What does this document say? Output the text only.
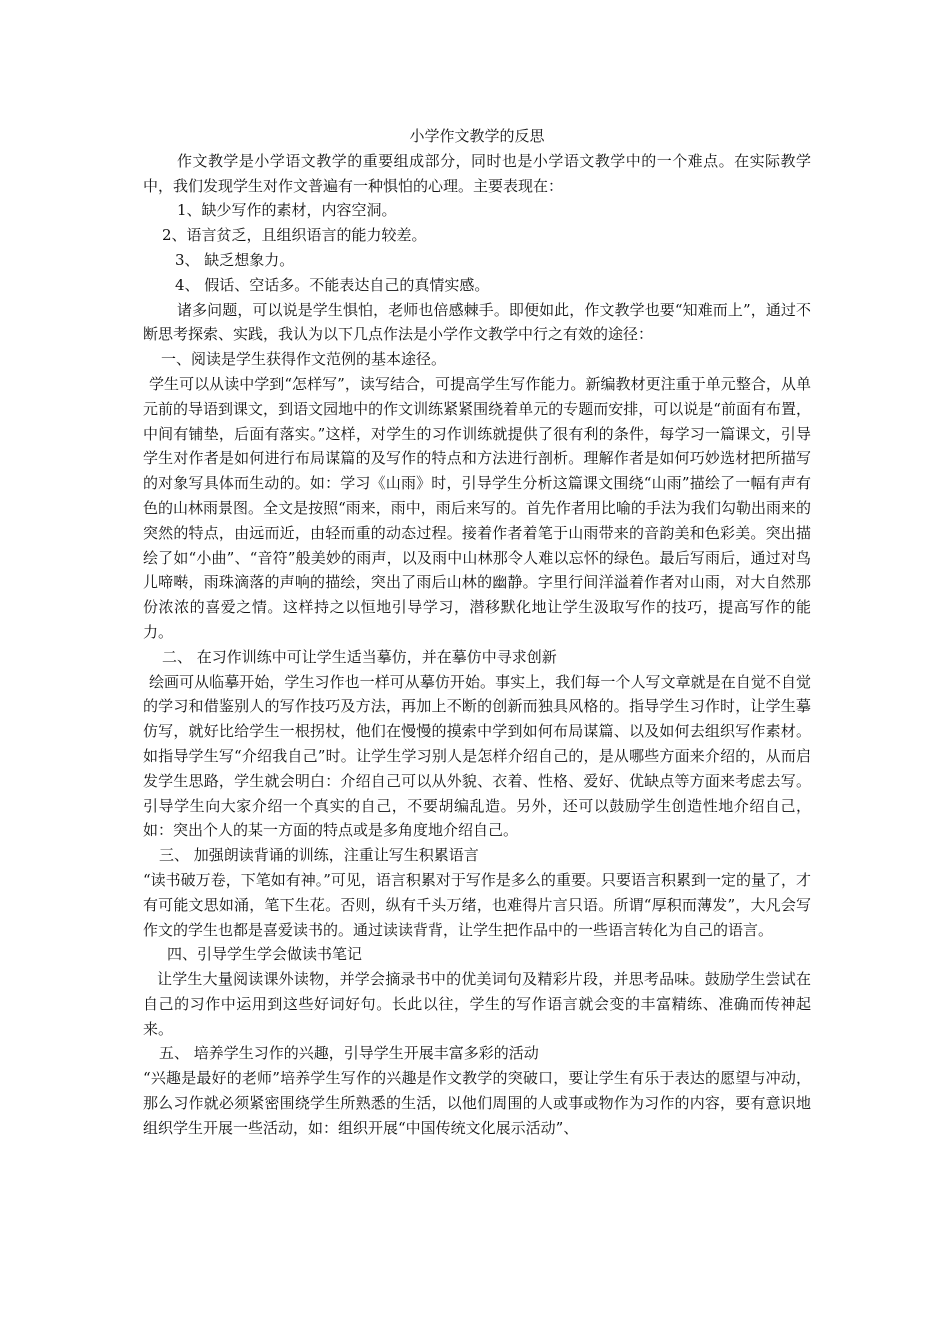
小学作文教学的反思

作文教学是小学语文教学的重要组成部分，同时也是小学语文教学中的一个难点。在实际教学中，我们发现学生对作文普遍有一种惧怕的心理。主要表现在：

1、缺少写作的素材，内容空洞。

2、语言贫乏，且组织语言的能力较差。

3、 缺乏想象力。

4、 假话、空话多。不能表达自己的真情实感。

诸多问题，可以说是学生惧怕，老师也倍感棘手。即便如此，作文教学也要“知难而上”，通过不断思考探索、实践，我认为以下几点作法是小学作文教学中行之有效的途径：

一、阅读是学生获得作文范例的基本途径。

学生可以从读中学到“怎样写”，读写结合，可提高学生写作能力。新编教材更注重于单元整合，从单元前的导语到课文，到语文园地中的作文训练紧紧围绕着单元的专题而安排，可以说是“前面有布置，中间有铺垫，后面有落实。”这样，对学生的习作训练就提供了很有利的条件，每学习一篇课文，引导学生对作者是如何进行布局谋篇的及写作的特点和方法进行剖析。理解作者是如何巧妙选材把所描写的对象写具体而生动的。如：学习《山雨》时，引导学生分析这篇课文围绕“山雨”描绘了一幅有声有色的山林雨景图。全文是按照“雨来，雨中，雨后来写的。首先作者用比喻的手法为我们勾勒出雨来的突然的特点，由远而近，由轻而重的动态过程。接着作者着笔于山雨带来的音韵美和色彩美。突出描绘了如“小曲”、“音符”般美妙的雨声，以及雨中山林那令人难以忘怀的绿色。最后写雨后，通过对鸟儿啼啭，雨珠滴落的声响的描绘，突出了雨后山林的幽静。字里行间洋溢着作者对山雨，对大自然那份浓浓的喜爱之情。这样持之以恒地引导学习，潜移默化地让学生汲取写作的技巧，提高写作的能力。

二、 在习作训练中可让学生适当摹仿，并在摹仿中寻求创新

绘画可从临摹开始，学生习作也一样可从摹仿开始。事实上，我们每一个人写文章就是在自觉不自觉的学习和借鉴别人的写作技巧及方法，再加上不断的创新而独具风格的。指导学生习作时，让学生摹仿写，就好比给学生一根拐杖，他们在慢慢的摸索中学到如何布局谋篇、以及如何去组织写作素材。如指导学生写“介绍我自己”时。让学生学习别人是怎样介绍自己的，是从哪些方面来介绍的，从而启发学生思路，学生就会明白：介绍自己可以从外貌、衣着、性格、爱好、优缺点等方面来考虑去写。引导学生向大家介绍一个真实的自己，不要胡编乱造。另外，还可以鼓励学生创造性地介绍自己，如：突出个人的某一方面的特点或是多角度地介绍自己。

三、 加强朗读背诵的训练，注重让写生积累语言

“读书破万卷，下笔如有神。”可见，语言积累对于写作是多么的重要。只要语言积累到一定的量了，才有可能文思如涌，笔下生花。否则，纵有千头万绪，也难得片言只语。所谓“厚积而薄发”，大凡会写作文的学生也都是喜爱读书的。通过读读背背，让学生把作品中的一些语言转化为自己的语言。

四、引导学生学会做读书笔记

让学生大量阅读课外读物，并学会摘录书中的优美词句及精彩片段，并思考品味。鼓励学生尝试在自己的习作中运用到这些好词好句。长此以往，学生的写作语言就会变的丰富精练、准确而传神起来。

五、 培养学生习作的兴趣，引导学生开展丰富多彩的活动

“兴趣是最好的老师”培养学生写作的兴趣是作文教学的突破口，要让学生有乐于表达的愿望与冲动，那么习作就必须紧密围绕学生所熟悉的生活，以他们周围的人或事或物作为习作的内容，要有意识地组织学生开展一些活动，如：组织开展“中国传统文化展示活动”、
